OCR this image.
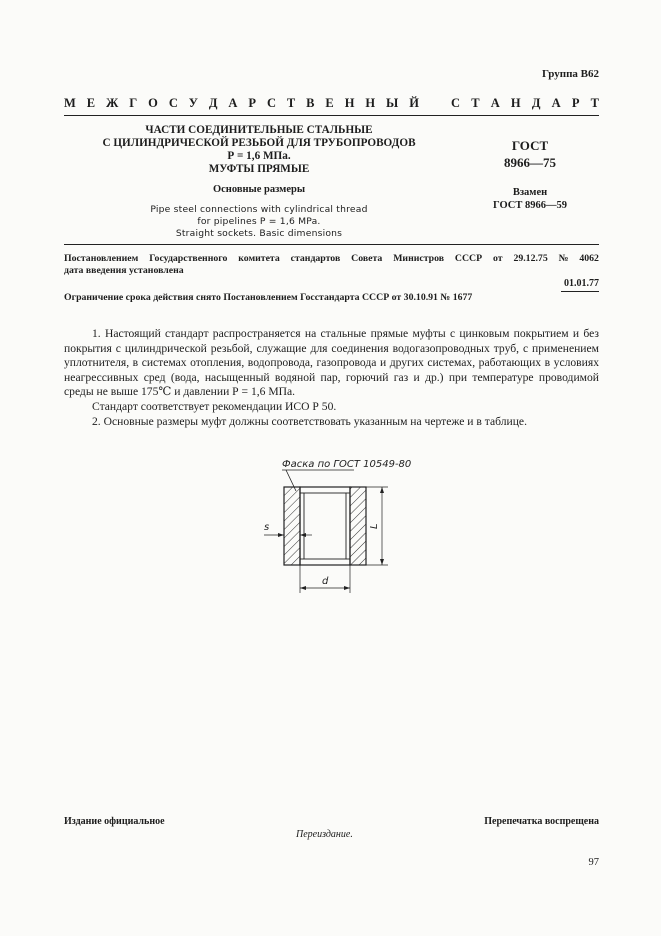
Группа В62
М Е Ж Г О С У Д А Р С Т В Е Н Н Ы Й	С Т А Н Д А Р Т
ЧАСТИ СОЕДИНИТЕЛЬНЫЕ СТАЛЬНЫЕ
С ЦИЛИНДРИЧЕСКОЙ РЕЗЬБОЙ ДЛЯ ТРУБОПРОВОДОВ
Р = 1,6 МПа.
МУФТЫ ПРЯМЫЕ
Основные размеры
Pipe steel connections with cylindrical thread
for pipelines P = 1,6 MPa.
Straight sockets. Basic dimensions
ГОСТ
8966—75
Взамен
ГОСТ 8966—59
Постановлением Государственного комитета стандартов Совета Министров СССР от 29.12.75 № 4062
дата введения установлена
01.01.77
Ограничение срока действия снято Постановлением Госстандарта СССР от 30.10.91 № 1677

1. Настоящий стандарт распространяется на стальные прямые муфты с цинковым покрытием и без покрытия с цилиндрической резьбой, служащие для соединения водогазопроводных труб, с применением уплотнителя, в системах отопления, водопровода, газопровода и других системах, работающих в условиях неагрессивных сред (вода, насыщенный водяной пар, горючий газ и др.) при температуре проводимой среды не выше 175℃ и давлении Р = 1,6 МПа.

Стандарт соответствует рекомендации ИСО Р 50.

2. Основные размеры муфт должны соответствовать указанным на чертеже и в таблице.

Фаска по ГОСТ 10549-80
s	L
d
Издание официальное	Перепечатка воспрещена
Переиздание.
97
